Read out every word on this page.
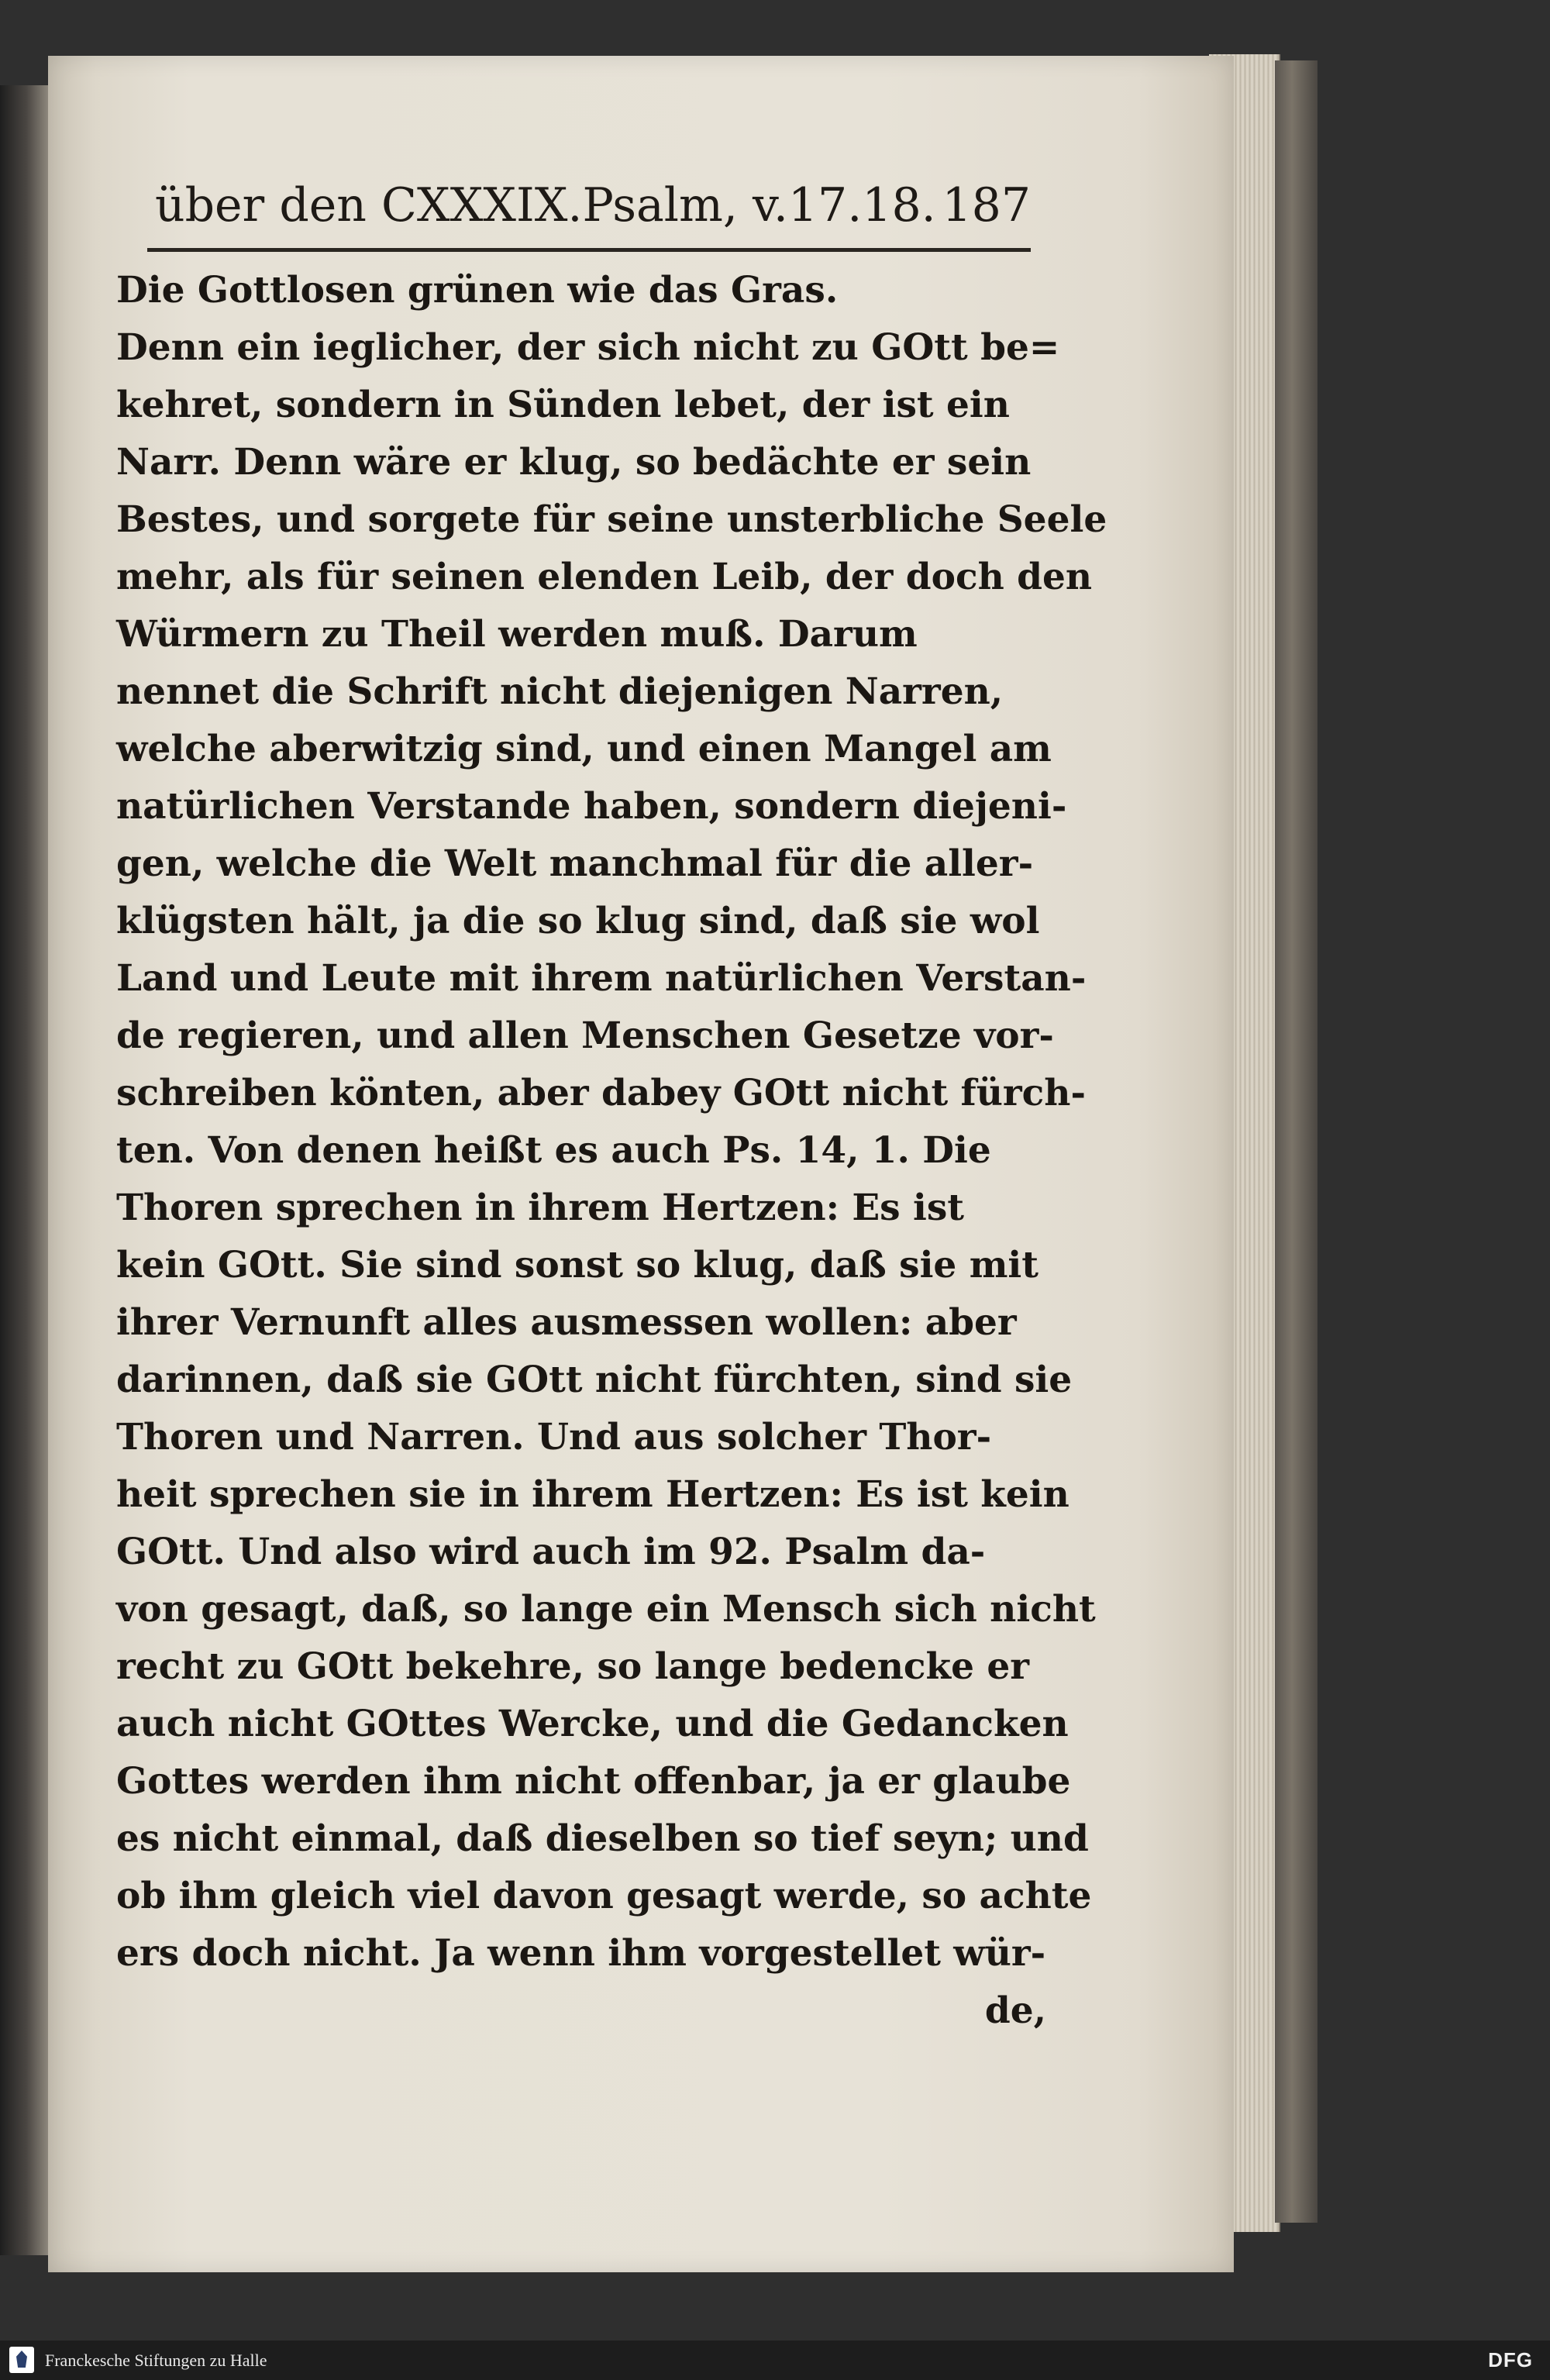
über den CXXXIX.Psalm, v.17.18. 187
Die Gottlosen grünen wie das Gras.
Denn ein ieglicher, der sich nicht zu GOtt be=
kehret, sondern in Sünden lebet, der ist ein
Narr. Denn wäre er klug, so bedächte er sein
Bestes, und sorgete für seine unsterbliche Seele
mehr, als für seinen elenden Leib, der doch den
Würmern zu Theil werden muß. Darum
nennet die Schrift nicht diejenigen Narren,
welche aberwitzig sind, und einen Mangel am
natürlichen Verstande haben, sondern diejeni-
gen, welche die Welt manchmal für die aller-
klügsten hält, ja die so klug sind, daß sie wol
Land und Leute mit ihrem natürlichen Verstan-
de regieren, und allen Menschen Gesetze vor-
schreiben könten, aber dabey GOtt nicht fürch-
ten. Von denen heißt es auch Ps. 14, 1. Die
Thoren sprechen in ihrem Hertzen: Es ist
kein GOtt. Sie sind sonst so klug, daß sie mit
ihrer Vernunft alles ausmessen wollen: aber
darinnen, daß sie GOtt nicht fürchten, sind sie
Thoren und Narren. Und aus solcher Thor-
heit sprechen sie in ihrem Hertzen: Es ist kein
GOtt. Und also wird auch im 92. Psalm da-
von gesagt, daß, so lange ein Mensch sich nicht
recht zu GOtt bekehre, so lange bedencke er
auch nicht GOttes Wercke, und die Gedancken
Gottes werden ihm nicht offenbar, ja er glaube
es nicht einmal, daß dieselben so tief seyn; und
ob ihm gleich viel davon gesagt werde, so achte
ers doch nicht. Ja wenn ihm vorgestellet wür-
de,
Franckesche Stiftungen zu Halle	DFG
